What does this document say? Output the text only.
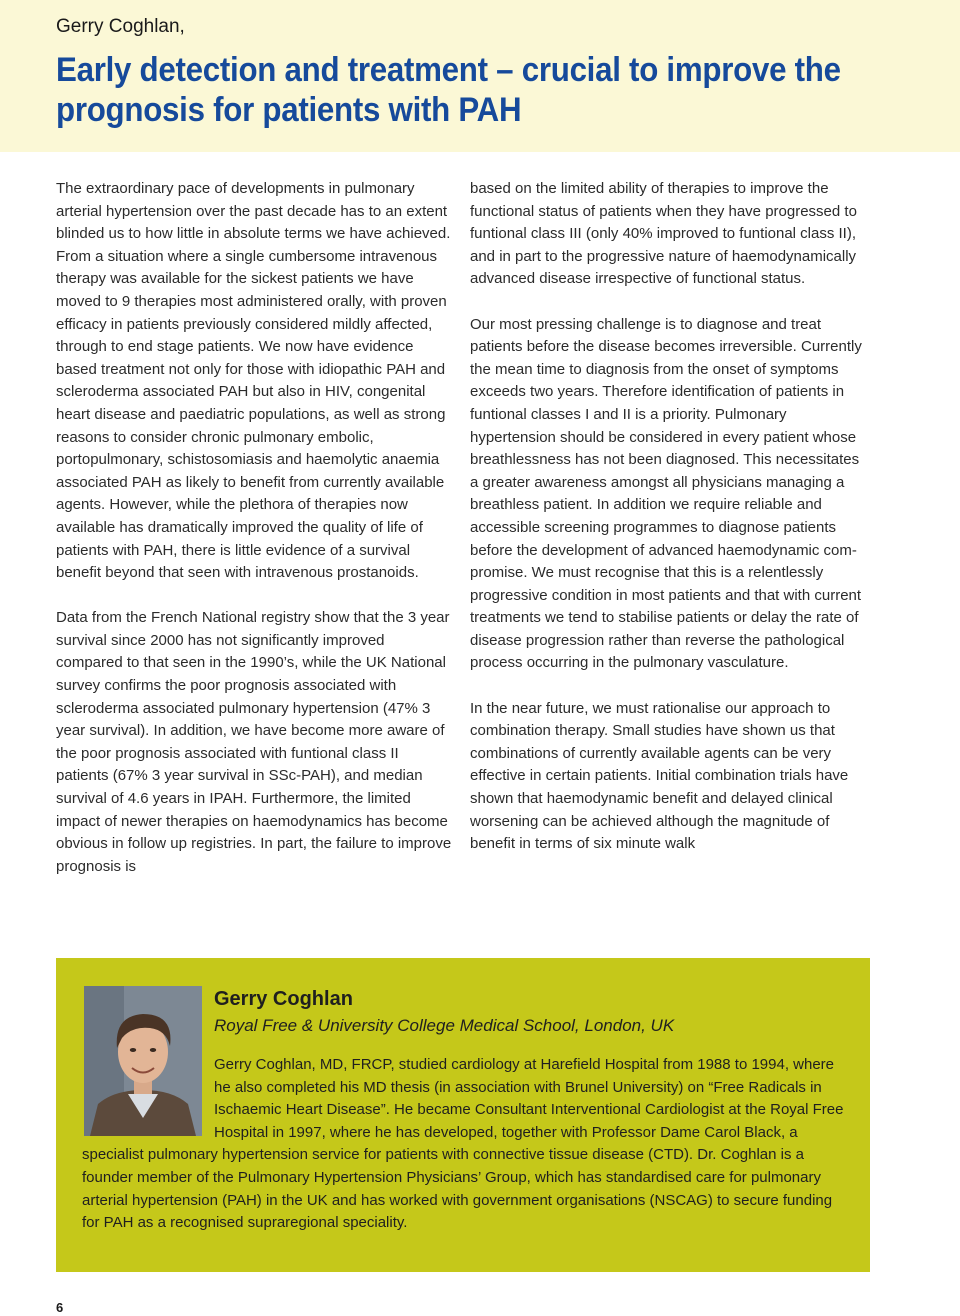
Gerry Coghlan,
Early detection and treatment – crucial to improve the prognosis for patients with PAH

The extraordinary pace of developments in pulmonary arterial hypertension over the past decade has to an extent blinded us to how little in absolute terms we have achieved. From a situation where a single cumbersome intravenous therapy was available for the sickest patients we have moved to 9 therapies most administered orally, with proven efficacy in patients previously considered mildly affected, through to end stage patients. We now have evidence based treatment not only for those with idiopathic PAH and scleroderma associated PAH but also in HIV, congenital heart disease and paediatric populations, as well as strong reasons to consider chronic pulmonary embolic, portopulmonary, schistosomiasis and haemolytic anaemia associated PAH as likely to benefit from currently available agents. However, while the plethora of therapies now available has dramatically improved the quality of life of patients with PAH, there is little evidence of a survival benefit beyond that seen with intravenous prostanoids.

Data from the French National registry show that the 3 year survival since 2000 has not significantly improved compared to that seen in the 1990’s, while the UK National survey confirms the poor prognosis associated with scleroderma associated pulmonary hypertension (47% 3 year survival). In addition, we have become more aware of the poor prognosis associated with funtional class II patients (67% 3 year survival in SSc-PAH), and median survival of 4.6 years in IPAH. Furthermore, the limited impact of newer therapies on haemodynamics has become obvious in follow up registries. In part, the failure to improve prognosis is

based on the limited ability of therapies to improve the functional status of patients when they have progressed to funtional class III (only 40% improved to funtional class II), and in part to the progressive nature of haemodynamically advanced disease irrespective of functional status.

Our most pressing challenge is to diagnose and treat patients before the disease becomes irreversible. Currently the mean time to diagnosis from the onset of symptoms exceeds two years. Therefore identification of patients in funtional classes I and II is a priority. Pulmonary hypertension should be considered in every patient whose breathlessness has not been diagnosed. This necessitates a greater awareness amongst all physicians managing a breathless patient. In addition we require reliable and accessible screening programmes to diagnose patients before the development of advanced haemodynamic compromise. We must recognise that this is a relentlessly progressive condition in most patients and that with current treatments we tend to stabilise patients or delay the rate of disease progression rather than reverse the pathological process occurring in the pulmonary vasculature.

In the near future, we must rationalise our approach to combination therapy. Small studies have shown us that combinations of currently available agents can be very effective in certain patients. Initial combination trials have shown that haemodynamic benefit and delayed clinical worsening can be achieved although the magnitude of benefit in terms of six minute walk

Gerry Coghlan
Royal Free & University College Medical School, London, UK
Gerry Coghlan, MD, FRCP, studied cardiology at Harefield Hospital from 1988 to 1994, where he also completed his MD thesis (in association with Brunel University) on “Free Radicals in Ischaemic Heart Disease”. He became Consultant Interventional Cardiologist at the Royal Free Hospital in 1997, where he has developed, together with Professor Dame Carol Black, a specialist pulmonary hypertension service for patients with connective tissue disease (CTD). Dr. Coghlan is a founder member of the Pulmonary Hypertension Physicians’ Group, which has standardised care for pulmonary arterial hypertension (PAH) in the UK and has worked with government organisations (NSCAG) to secure funding for PAH as a recognised supraregional speciality.
6
